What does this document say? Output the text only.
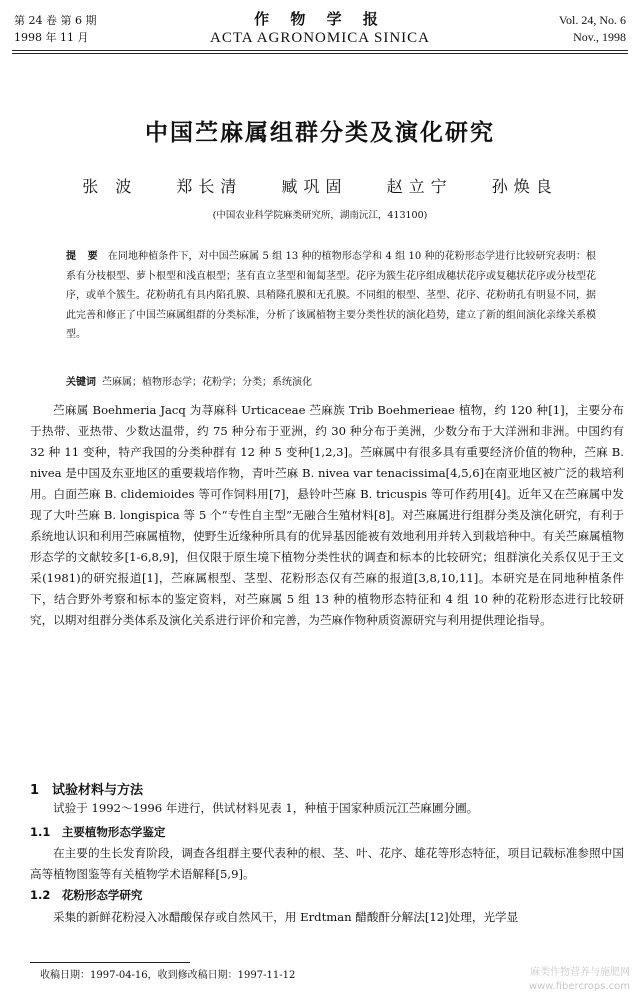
第 24 卷 第 6 期
1998 年 11 月
作 物 学 报
ACTA AGRONOMICA SINICA
Vol. 24, No. 6
Nov., 1998
中国苎麻属组群分类及演化研究
张 波 郑长清 臧巩固 赵立宁 孙焕良
(中国农业科学院麻类研究所，湖南沅江，413100)
提 要 在同地种植条件下，对中国苎麻属 5 组 13 种的植物形态学和 4 组 10 种的花粉形态学进行比较研究表明：根系有分枝根型、萝卜根型和浅直根型；茎有直立茎型和匍匐茎型。花序为簇生花序组成穗状花序或复穗状花序或分枝型花序，或单个簇生。花粉萌孔有具内陷孔膜、具稍隆孔膜和无孔膜。不同组的根型、茎型、花序、花粉萌孔有明显不同，据此完善和修正了中国苎麻属组群的分类标准，分析了该属植物主要分类性状的演化趋势，建立了新的组间演化亲缘关系模型。
关键词 苎麻属；植物形态学；花粉学；分类；系统演化

苎麻属 Boehmeria Jacq 为荨麻科 Urticaceae 苎麻族 Trib Boehmerieae 植物，约 120 种[1]，主要分布于热带、亚热带、少数达温带，约 75 种分布于亚洲，约 30 种分布于美洲，少数分布于大洋洲和非洲。中国约有 32 种 11 变种，特产我国的分类种群有 12 种 5 变种[1,2,3]。苎麻属中有很多具有重要经济价值的物种，苎麻 B. nivea 是中国及东亚地区的重要栽培作物，青叶苎麻 B. nivea var tenacissima[4,5,6]在南亚地区被广泛的栽培利用。白面苎麻 B. clidemioides 等可作饲料用[7]，悬铃叶苎麻 B. tricuspis 等可作药用[4]。近年又在苎麻属中发现了大叶苎麻 B. longispica 等 5 个“专性自主型”无融合生殖材料[8]。对苎麻属进行组群分类及演化研究，有利于系统地认识和利用苎麻属植物，使野生近缘种所具有的优异基因能被有效地利用并转入到栽培种中。有关苎麻属植物形态学的文献较多[1-6,8,9]，但仅限于原生境下植物分类性状的调查和标本的比较研究；组群演化关系仅见于王文采(1981)的研究报道[1]，苎麻属根型、茎型、花粉形态仅有苎麻的报道[3,8,10,11]。本研究是在同地种植条件下，结合野外考察和标本的鉴定资料，对苎麻属 5 组 13 种的植物形态特征和 4 组 10 种的花粉形态进行比较研究，以期对组群分类体系及演化关系进行评价和完善，为苎麻作物种质资源研究与利用提供理论指导。

1　试验材料与方法

试验于 1992～1996 年进行，供试材料见表 1，种植于国家种质沅江苎麻圃分圃。

1.1　主要植物形态学鉴定

在主要的生长发育阶段，调查各组群主要代表种的根、茎、叶、花序、雄花等形态特征，项目记载标准参照中国高等植物图鉴等有关植物学术语解释[5,9]。

1.2　花粉形态学研究

采集的新鲜花粉浸入冰醋酸保存或自然风干，用 Erdtman 醋酸酐分解法[12]处理，光学显

收稿日期：1997-04-16，收到修改稿日期：1997-11-12	麻类作物营养与施肥网
www.fibercrops.com
